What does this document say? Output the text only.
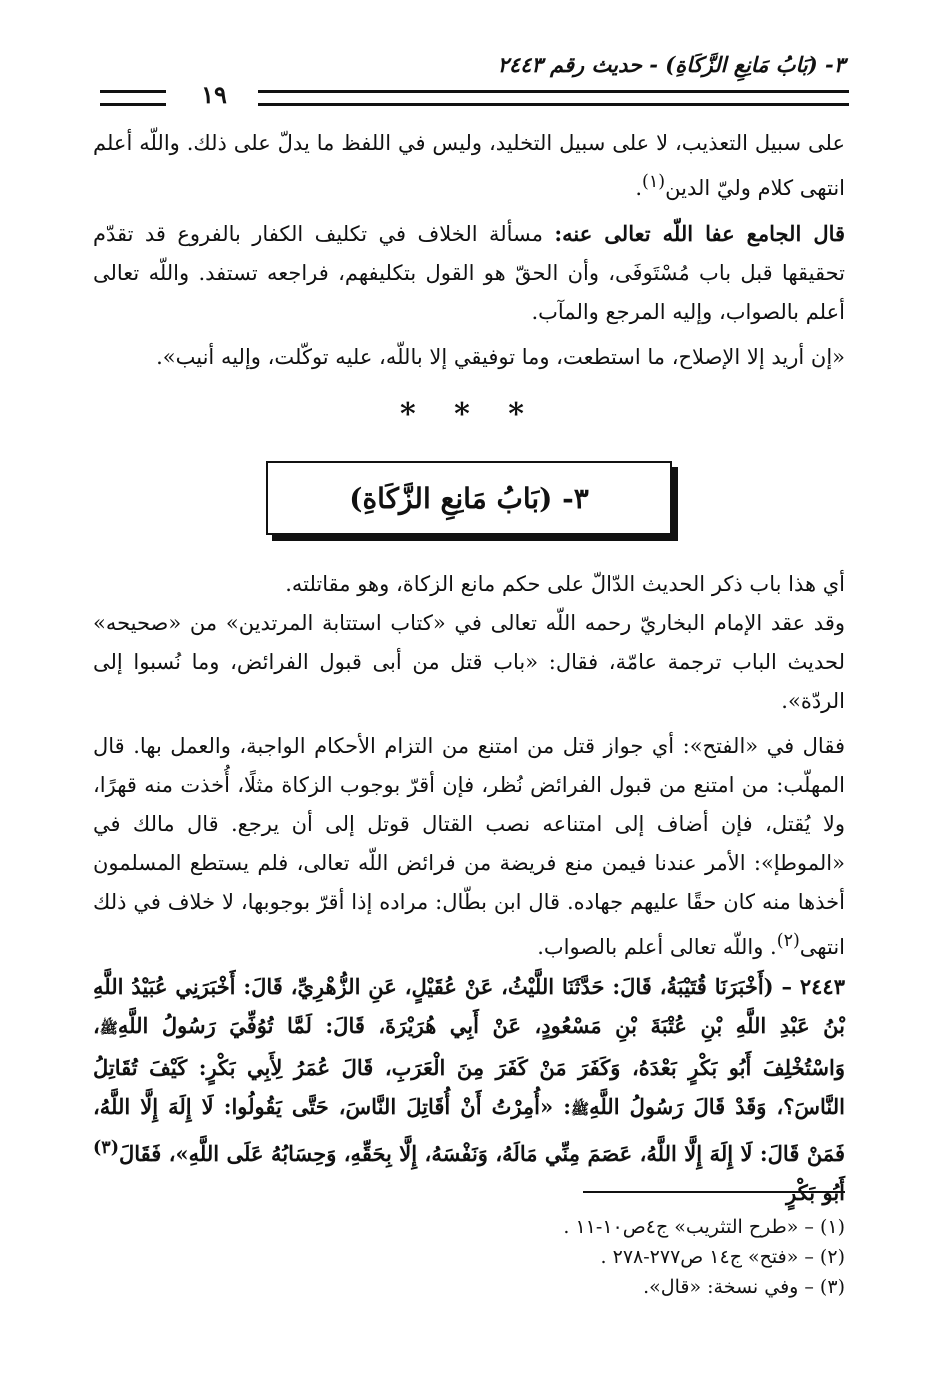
٣- (بَابُ مَانِعِ الزَّكَاةِ) - حديث رقم ٢٤٤٣
١٩

على سبيل التعذيب، لا على سبيل التخليد، وليس في اللفظ ما يدلّ على ذلك. واللّه أعلم انتهى كلام وليّ الدين$^{(١)}$.

قال الجامع عفا اللّه تعالى عنه: مسألة الخلاف في تكليف الكفار بالفروع قد تقدّم تحقيقها قبل باب مُسْتَوفَى، وأن الحقّ هو القول بتكليفهم، فراجعه تستفد. واللّه تعالى أعلم بالصواب، وإليه المرجع والمآب.

«إن أريد إلا الإصلاح، ما استطعت، وما توفيقي إلا باللّه، عليه توكّلت، وإليه أنيب».

* * *
٣- (بَابُ مَانِعِ الزَّكَاةِ)

أي هذا باب ذكر الحديث الدّالّ على حكم مانع الزكاة، وهو مقاتلته.

وقد عقد الإمام البخاريّ رحمه اللّه تعالى في «كتاب استتابة المرتدين» من «صحيحه» لحديث الباب ترجمة عامّة، فقال: «باب قتل من أبى قبول الفرائض، وما نُسبوا إلى الردّة».

فقال في «الفتح»: أي جواز قتل من امتنع من التزام الأحكام الواجبة، والعمل بها. قال المهلّب: من امتنع من قبول الفرائض نُظر، فإن أقرّ بوجوب الزكاة مثلًا، أُخذت منه قهرًا، ولا يُقتل، فإن أضاف إلى امتناعه نصب القتال قوتل إلى أن يرجع. قال مالك في «الموطإ»: الأمر عندنا فيمن منع فريضة من فرائض اللّه تعالى، فلم يستطع المسلمون أخذها منه كان حقًا عليهم جهاده. قال ابن بطّال: مراده إذا أقرّ بوجوبها، لا خلاف في ذلك انتهى$^{(٢)}$. واللّه تعالى أعلم بالصواب.

٢٤٤٣ – (أَخْبَرَنَا قُتَيْبَةُ، قَالَ: حَدَّثَنَا اللَّيْثُ، عَنْ عُقَيْلٍ، عَنِ الزُّهْرِيِّ، قَالَ: أَخْبَرَنِي عُبَيْدُ اللَّهِ بْنُ عَبْدِ اللَّهِ بْنِ عُتْبَةَ بْنِ مَسْعُودٍ، عَنْ أَبِي هُرَيْرَةَ، قَالَ: لَمَّا تُوُفِّيَ رَسُولُ اللَّهِﷺ، وَاسْتُخْلِفَ أَبُو بَكْرٍ بَعْدَهُ، وَكَفَرَ مَنْ كَفَرَ مِنَ الْعَرَبِ، قَالَ عُمَرُ لِأَبِي بَكْرٍ: كَيْفَ تُقَاتِلُ النَّاسَ؟، وَقَدْ قَالَ رَسُولُ اللَّهِﷺ: «أُمِرْتُ أَنْ أُقَاتِلَ النَّاسَ، حَتَّى يَقُولُوا: لَا إِلَهَ إِلَّا اللَّهُ، فَمَنْ قَالَ: لَا إِلَهَ إِلَّا اللَّهُ، عَصَمَ مِنِّي مَالَهُ، وَنَفْسَهُ، إِلَّا بِحَقِّهِ، وَحِسَابُهُ عَلَى اللَّهِ»، فَقَالَ$^{(٣)}$ أَبُو بَكْرٍ

(١) – «طرح التثريب» ج٤ص١٠-١١ .

(٢) – «فتح» ج١٤ ص٢٧٧-٢٧٨ .

(٣) – وفي نسخة: «قال».
